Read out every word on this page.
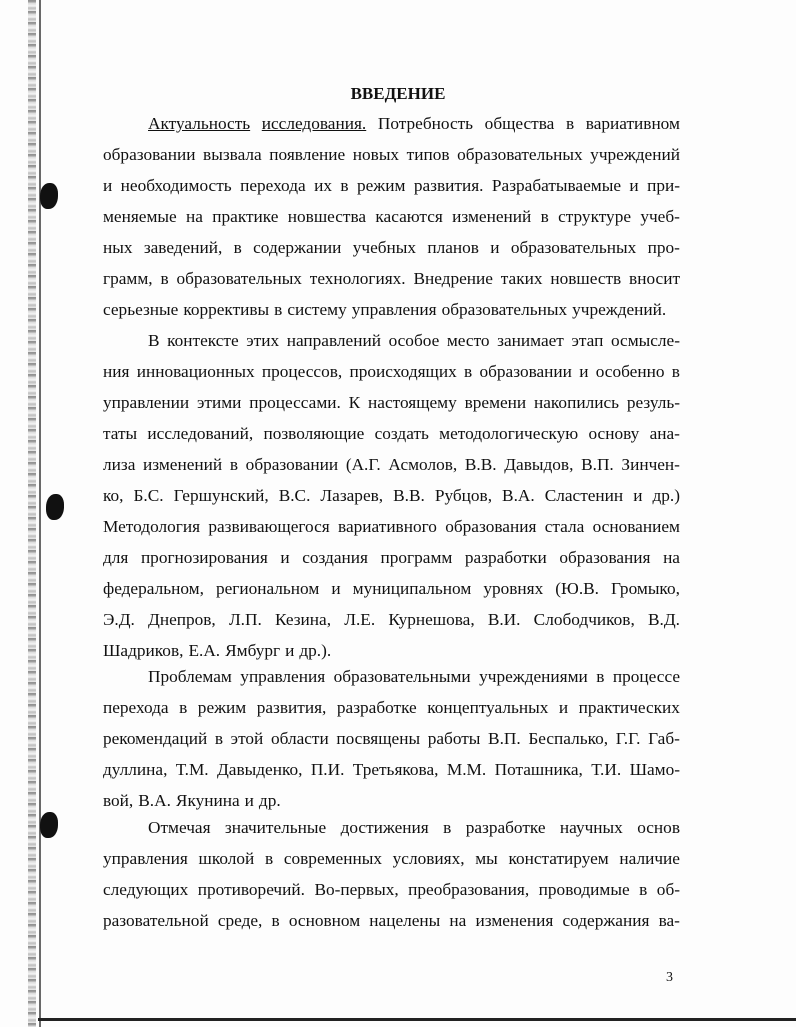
ВВЕДЕНИЕ
Актуальность исследования. Потребность общества в вариативном
образовании вызвала появление новых типов образовательных учреждений
и необходимость перехода их в режим развития. Разрабатываемые и при-
меняемые на практике новшества касаются изменений в структуре учеб-
ных заведений, в содержании учебных планов и образовательных про-
грамм, в образовательных технологиях. Внедрение таких новшеств вносит
серьезные коррективы в систему управления образовательных учреждений.
В контексте этих направлений особое место занимает этап осмысле-
ния инновационных процессов, происходящих в образовании и особенно в
управлении этими процессами. К настоящему времени накопились резуль-
таты исследований, позволяющие создать методологическую основу ана-
лиза изменений в образовании (А.Г. Асмолов, В.В. Давыдов, В.П. Зинчен-
ко, Б.С. Гершунский, В.С. Лазарев, В.В. Рубцов, В.А. Сластенин и др.)
Методология развивающегося вариативного образования стала основанием
для прогнозирования и создания программ разработки образования на
федеральном, региональном и муниципальном уровнях (Ю.В. Громыко,
Э.Д. Днепров, Л.П. Кезина, Л.Е. Курнешова, В.И. Слободчиков, В.Д.
Шадриков, Е.А. Ямбург и др.).
Проблемам управления образовательными учреждениями в процессе
перехода в режим развития, разработке концептуальных и практических
рекомендаций в этой области посвящены работы В.П. Беспалько, Г.Г. Габ-
дуллина, Т.М. Давыденко, П.И. Третьякова, М.М. Поташника, Т.И. Шамо-
вой, В.А. Якунина и др.
Отмечая значительные достижения в разработке научных основ
управления школой в современных условиях, мы констатируем наличие
следующих противоречий. Во-первых, преобразования, проводимые в об-
разовательной среде, в основном нацелены на изменения содержания ва-
3
